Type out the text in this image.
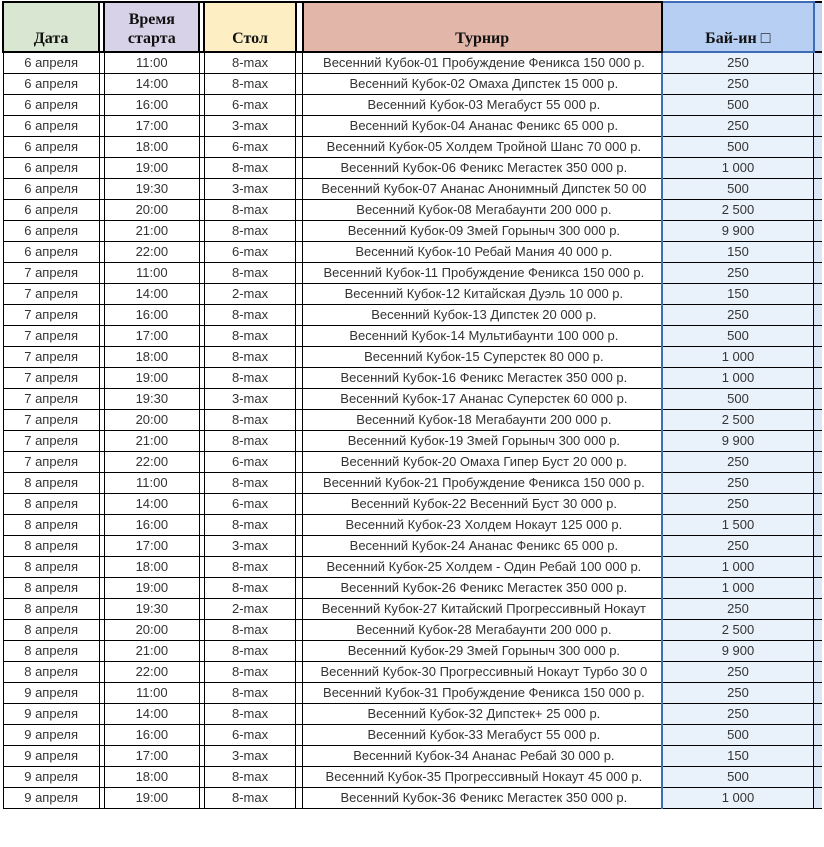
Дата		Время старта		Стол		Турнир	Бай-ин □	
6 апреля		11:00		8-max		Весенний Кубок-01 Пробуждение Феникса 150 000 р.	250	
6 апреля		14:00		8-max		Весенний Кубок-02 Омаха Дипстек 15 000 р.	250	
6 апреля		16:00		6-max		Весенний Кубок-03 Мегабуст 55 000 р.	500	
6 апреля		17:00		3-max		Весенний Кубок-04 Ананас Феникс 65 000 р.	250	
6 апреля		18:00		6-max		Весенний Кубок-05 Холдем Тройной Шанс 70 000 р.	500	
6 апреля		19:00		8-max		Весенний Кубок-06 Феникс Мегастек 350 000 р.	1 000	
6 апреля		19:30		3-max		Весенний Кубок-07 Ананас Анонимный Дипстек 50 00	500	
6 апреля		20:00		8-max		Весенний Кубок-08 Мегабаунти 200 000 р.	2 500	
6 апреля		21:00		8-max		Весенний Кубок-09 Змей Горыныч 300 000 р.	9 900	
6 апреля		22:00		6-max		Весенний Кубок-10 Ребай Мания 40 000 р.	150	
7 апреля		11:00		8-max		Весенний Кубок-11 Пробуждение Феникса 150 000 р.	250	
7 апреля		14:00		2-max		Весенний Кубок-12 Китайская Дуэль 10 000 р.	150	
7 апреля		16:00		8-max		Весенний Кубок-13 Дипстек 20 000 р.	250	
7 апреля		17:00		8-max		Весенний Кубок-14 Мультибаунти 100 000 р.	500	
7 апреля		18:00		8-max		Весенний Кубок-15 Суперстек 80 000 р.	1 000	
7 апреля		19:00		8-max		Весенний Кубок-16 Феникс Мегастек 350 000 р.	1 000	
7 апреля		19:30		3-max		Весенний Кубок-17 Ананас Суперстек 60 000 р.	500	
7 апреля		20:00		8-max		Весенний Кубок-18 Мегабаунти 200 000 р.	2 500	
7 апреля		21:00		8-max		Весенний Кубок-19 Змей Горыныч 300 000 р.	9 900	
7 апреля		22:00		6-max		Весенний Кубок-20 Омаха Гипер Буст 20 000 р.	250	
8 апреля		11:00		8-max		Весенний Кубок-21 Пробуждение Феникса 150 000 р.	250	
8 апреля		14:00		6-max		Весенний Кубок-22 Весенний Буст 30 000 р.	250	
8 апреля		16:00		8-max		Весенний Кубок-23 Холдем Нокаут 125 000 р.	1 500	
8 апреля		17:00		3-max		Весенний Кубок-24 Ананас Феникс 65 000 р.	250	
8 апреля		18:00		8-max		Весенний Кубок-25 Холдем - Один Ребай 100 000 р.	1 000	
8 апреля		19:00		8-max		Весенний Кубок-26 Феникс Мегастек 350 000 р.	1 000	
8 апреля		19:30		2-max		Весенний Кубок-27 Китайский Прогрессивный Нокаут	250	
8 апреля		20:00		8-max		Весенний Кубок-28 Мегабаунти 200 000 р.	2 500	
8 апреля		21:00		8-max		Весенний Кубок-29 Змей Горыныч 300 000 р.	9 900	
8 апреля		22:00		8-max		Весенний Кубок-30 Прогрессивный Нокаут Турбо 30 0	250	
9 апреля		11:00		8-max		Весенний Кубок-31 Пробуждение Феникса 150 000 р.	250	
9 апреля		14:00		8-max		Весенний Кубок-32 Дипстек+ 25 000 р.	250	
9 апреля		16:00		6-max		Весенний Кубок-33 Мегабуст 55 000 р.	500	
9 апреля		17:00		3-max		Весенний Кубок-34 Ананас Ребай 30 000 р.	150	
9 апреля		18:00		8-max		Весенний Кубок-35 Прогрессивный Нокаут 45 000 р.	500	
9 апреля		19:00		8-max		Весенний Кубок-36 Феникс Мегастек 350 000 р.	1 000	
